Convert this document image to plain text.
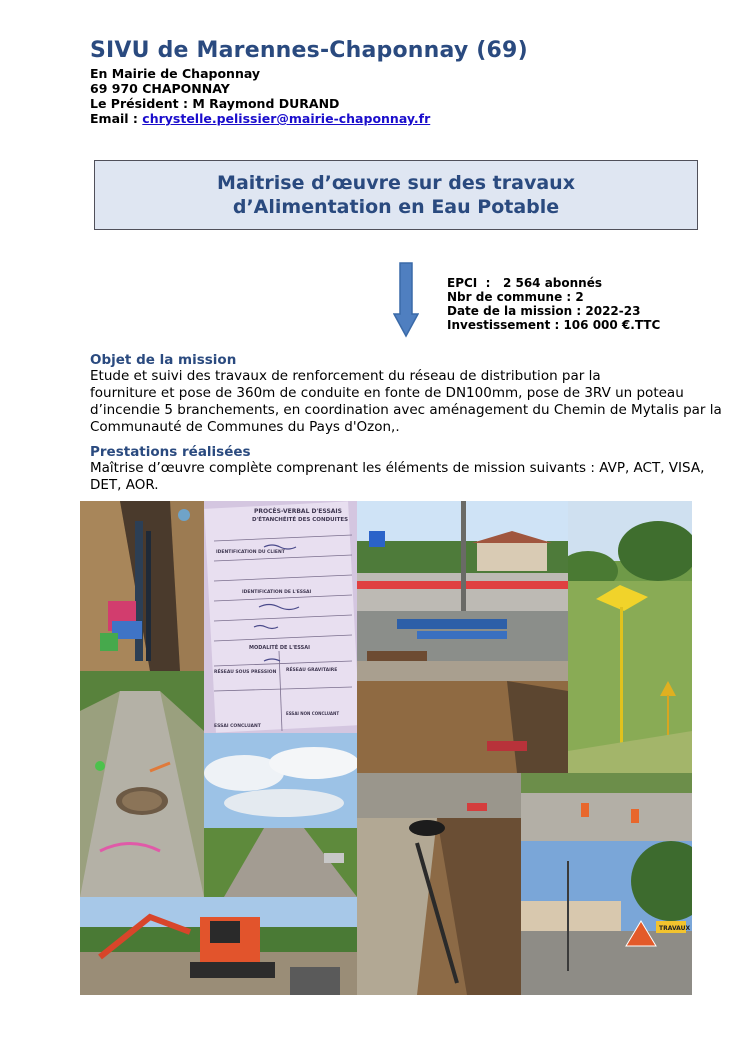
SIVU de Marennes-Chaponnay (69)
En Mairie de Chaponnay
69 970 CHAPONNAY
Le Président : M Raymond DURAND
Email : chrystelle.pelissier@mairie-chaponnay.fr
Maitrise d’œuvre sur des travaux
d’Alimentation en Eau Potable
EPCI  :   2 564 abonnés
Nbr de commune : 2
Date de la mission : 2022-23
Investissement : 106 000 €.TTC
Objet de la mission
Etude et suivi des travaux de renforcement du réseau de distribution par la
fourniture et pose de 360m de conduite en fonte de DN100mm, pose de 3RV un poteau
d’incendie 5 branchements, en coordination avec aménagement du Chemin de Mytalis par la
Communauté de Communes du Pays d'Ozon,.
Prestations réalisées
Maîtrise d’œuvre complète comprenant les éléments de mission suivants : AVP, ACT, VISA,
DET, AOR.
PROCÈS-VERBAL D'ESSAIS
D'ÉTANCHÉITÉ DES CONDUITES
IDENTIFICATION DU CLIENT
IDENTIFICATION DE L'ESSAI
MODALITÉ DE L'ESSAI
RÉSEAU SOUS PRESSION RÉSEAU GRAVITAIRE
ESSAI CONCLUANT
ESSAI NON CONCLUANT
TRAVAUX
